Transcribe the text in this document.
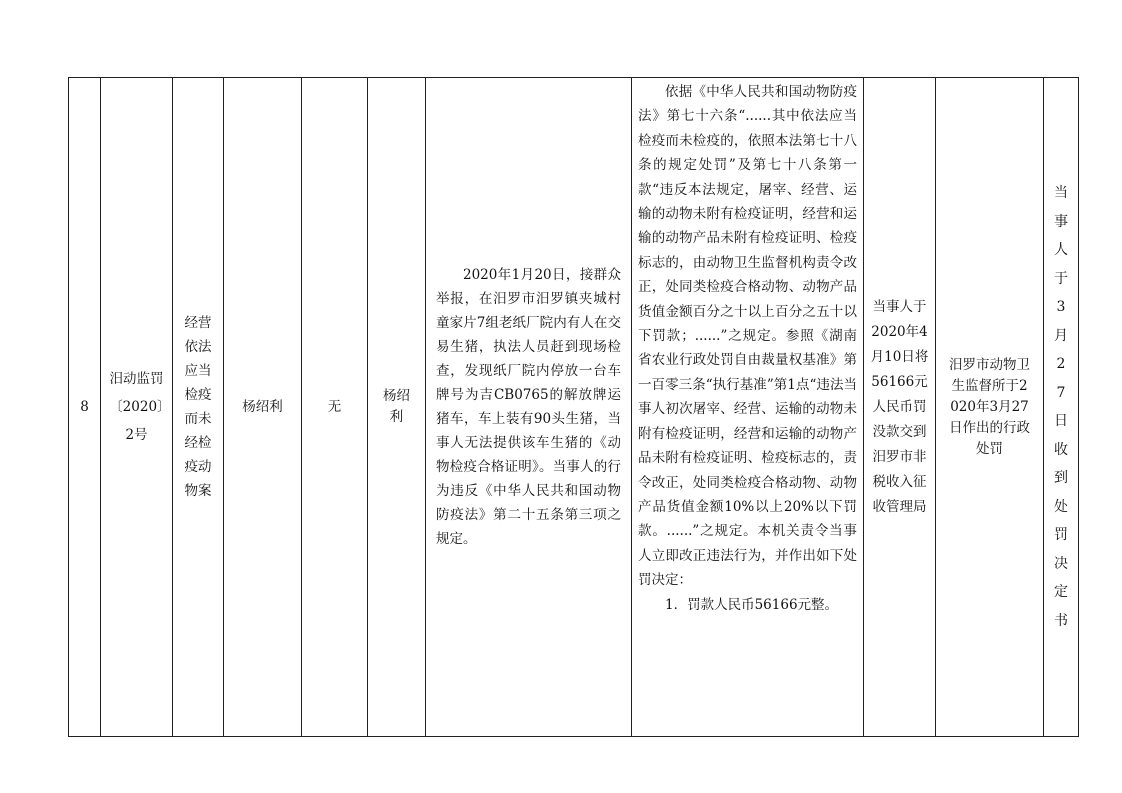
8

汨动监罚〔2020〕2号

经营依法应当检疫而未经检疫动物案

杨绍利	无

杨绍利

2020年1月20日，接群众举报，在汨罗市汨罗镇夹城村童家片7组老纸厂院内有人在交易生猪，执法人员赶到现场检查，发现纸厂院内停放一台车牌号为吉CB0765的解放牌运猪车，车上装有90头生猪，当事人无法提供该车生猪的《动物检疫合格证明》。当事人的行为违反《中华人民共和国动物防疫法》第二十五条第三项之规定。

依据《中华人民共和国动物防疫法》第七十六条“......其中依法应当检疫而未检疫的，依照本法第七十八条的规定处罚”及第七十八条第一款“违反本法规定，屠宰、经营、运输的动物未附有检疫证明，经营和运输的动物产品未附有检疫证明、检疫标志的，由动物卫生监督机构责令改正，处同类检疫合格动物、动物产品货值金额百分之十以上百分之五十以下罚款；......”之规定。参照《湖南省农业行政处罚自由裁量权基准》第一百零三条“执行基准”第1点“违法当事人初次屠宰、经营、运输的动物未附有检疫证明，经营和运输的动物产品未附有检疫证明、检疫标志的，责令改正，处同类检疫合格动物、动物产品货值金额10%以上20%以下罚款。......”之规定。本机关责令当事人立即改正违法行为，并作出如下处罚决定：
1．罚款人民币56166元整。

当事人于2020年4月10日将56166元人民币罚没款交到汨罗市非税收入征收管理局

汨罗市动物卫生监督所于2020年3月27日作出的行政处罚

当事人于3月27日收到处罚决定书
